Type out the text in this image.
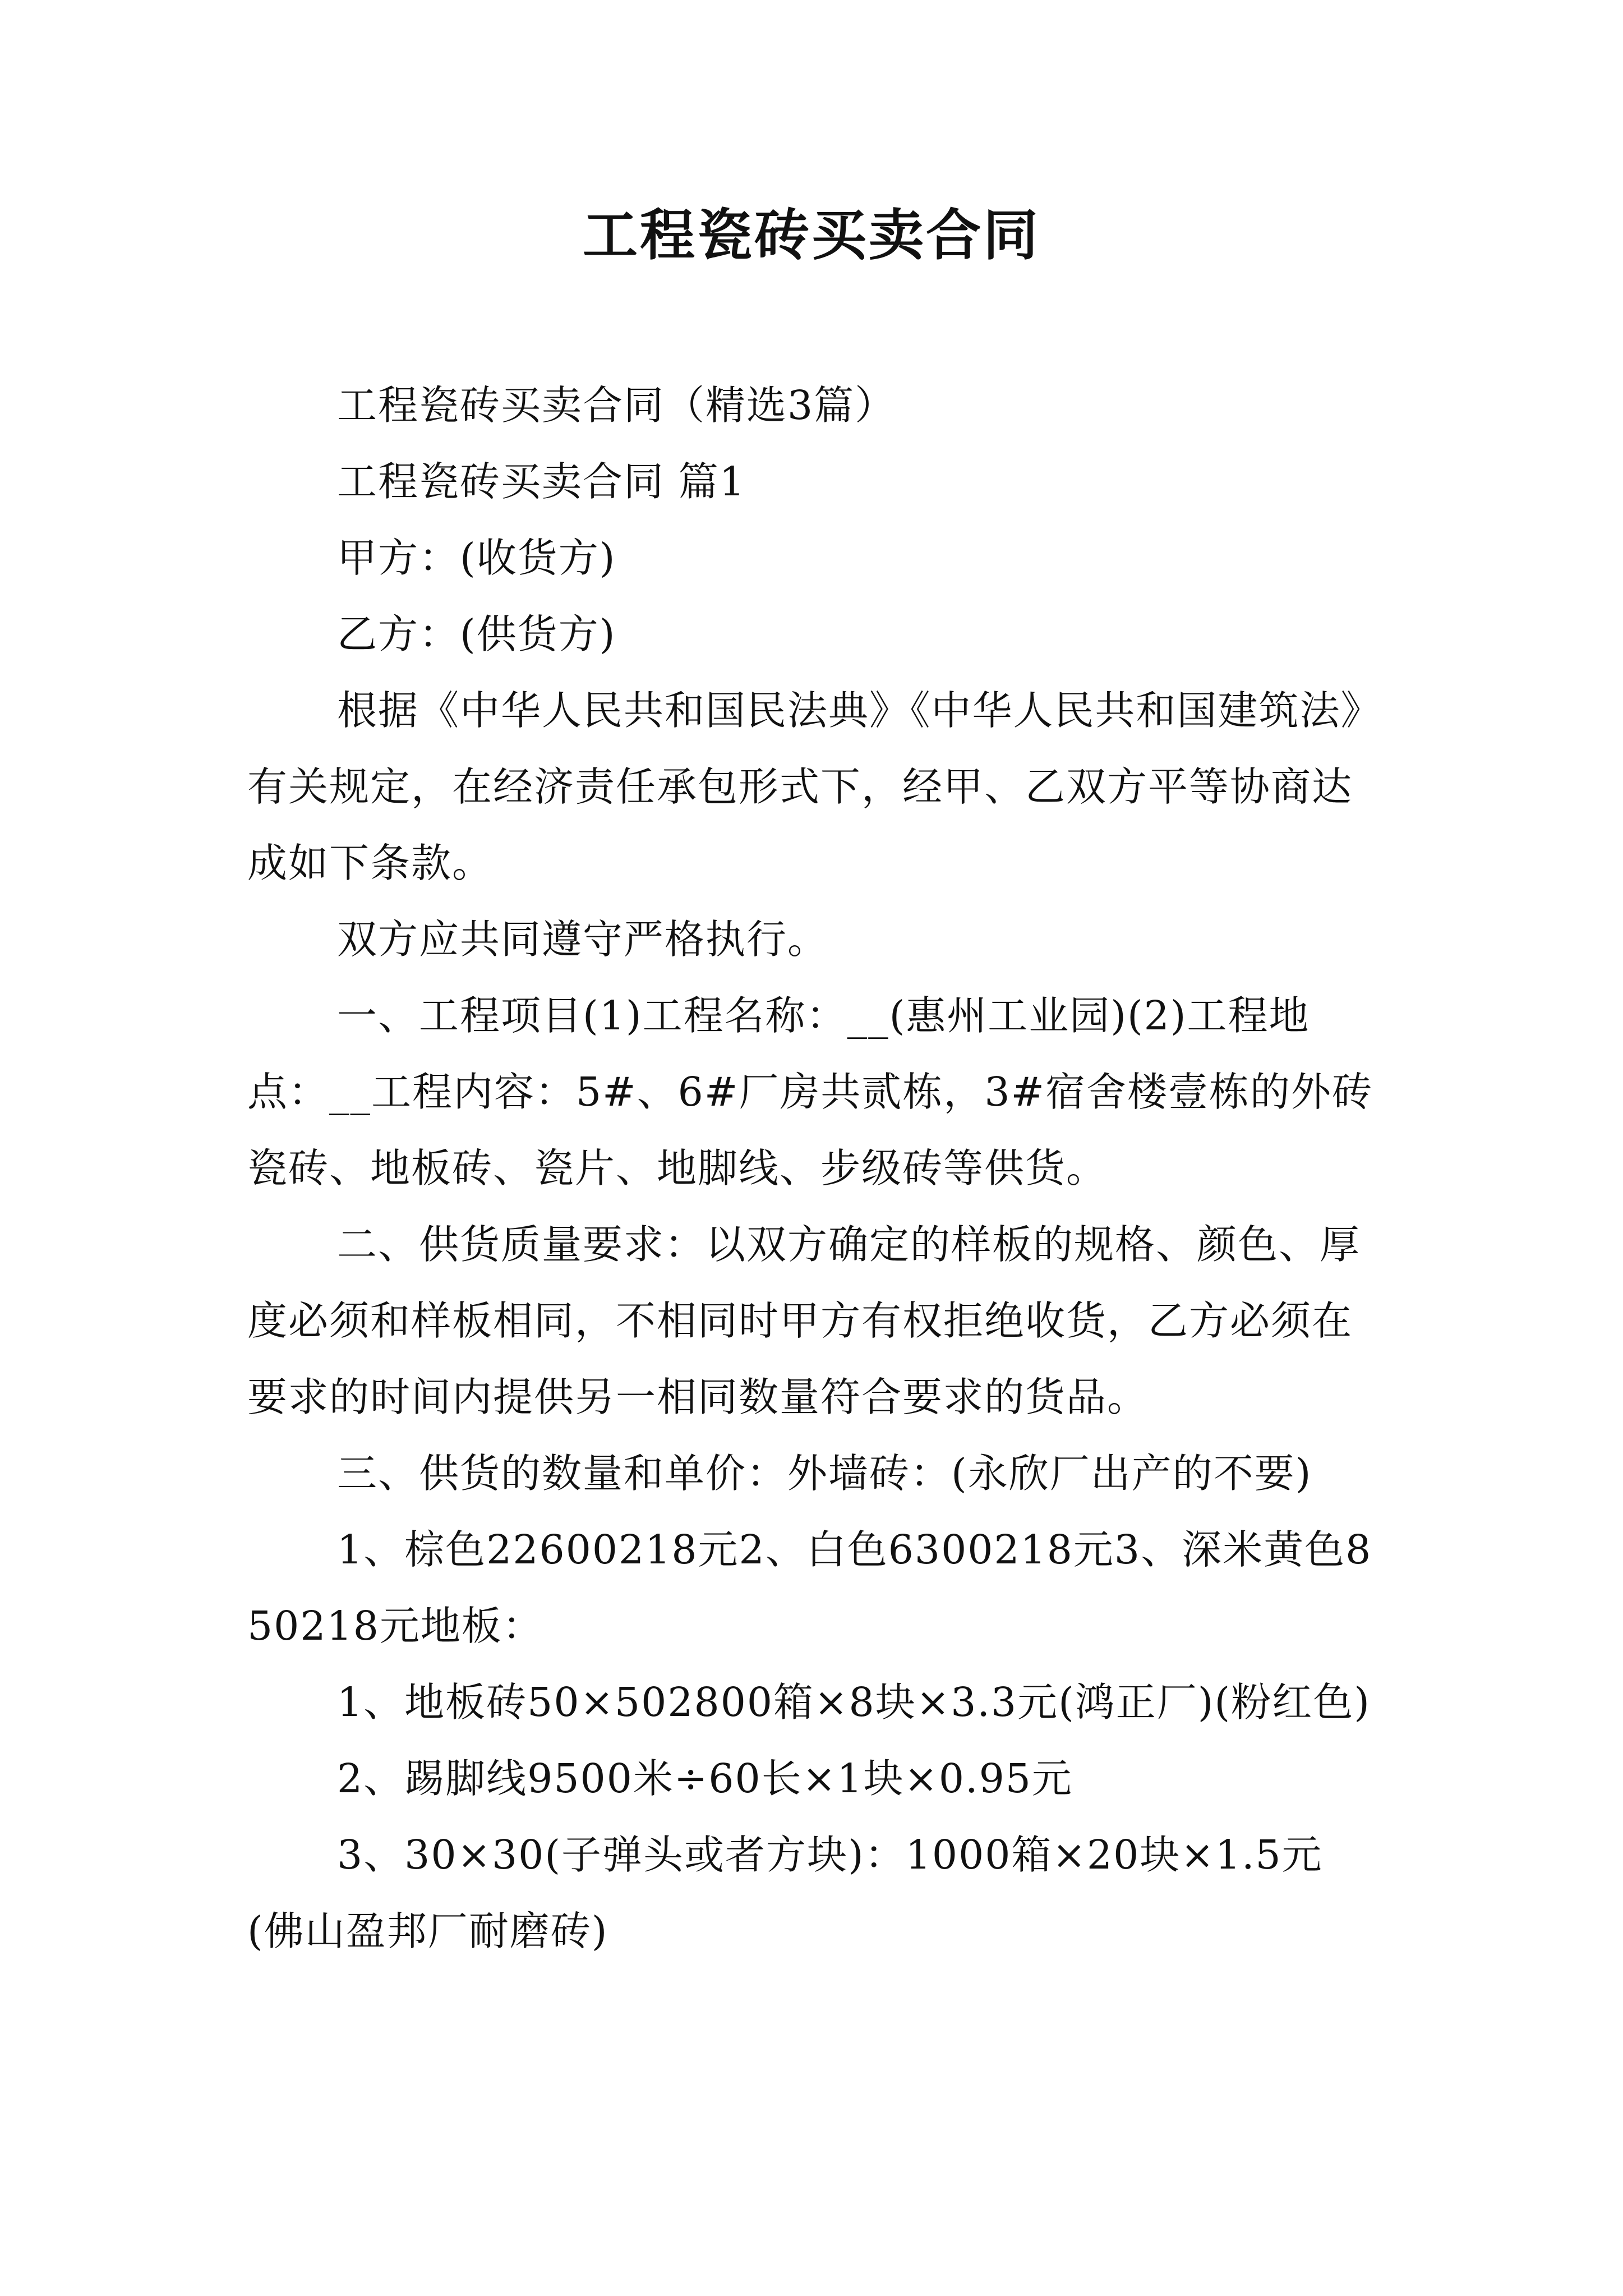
工程瓷砖买卖合同

工程瓷砖买卖合同（精选3篇）

工程瓷砖买卖合同 篇1

甲方：(收货方)

乙方：(供货方)

根据《中华人民共和国民法典》《中华人民共和国建筑法》有关规定，在经济责任承包形式下，经甲、乙双方平等协商达成如下条款。

双方应共同遵守严格执行。

一、工程项目(1)工程名称：__(惠州工业园)(2)工程地点：__工程内容：5#、6#厂房共贰栋，3#宿舍楼壹栋的外砖瓷砖、地板砖、瓷片、地脚线、步级砖等供货。

二、供货质量要求：以双方确定的样板的规格、颜色、厚度必须和样板相同，不相同时甲方有权拒绝收货，乙方必须在要求的时间内提供另一相同数量符合要求的货品。

三、供货的数量和单价：外墙砖：(永欣厂出产的不要)

1、棕色22600218元2、白色6300218元3、深米黄色850218元地板：

1、地板砖50×502800箱×8块×3.3元(鸿正厂)(粉红色)

2、踢脚线9500米÷60长×1块×0.95元

3、30×30(子弹头或者方块)：1000箱×20块×1.5元(佛山盈邦厂耐磨砖)
